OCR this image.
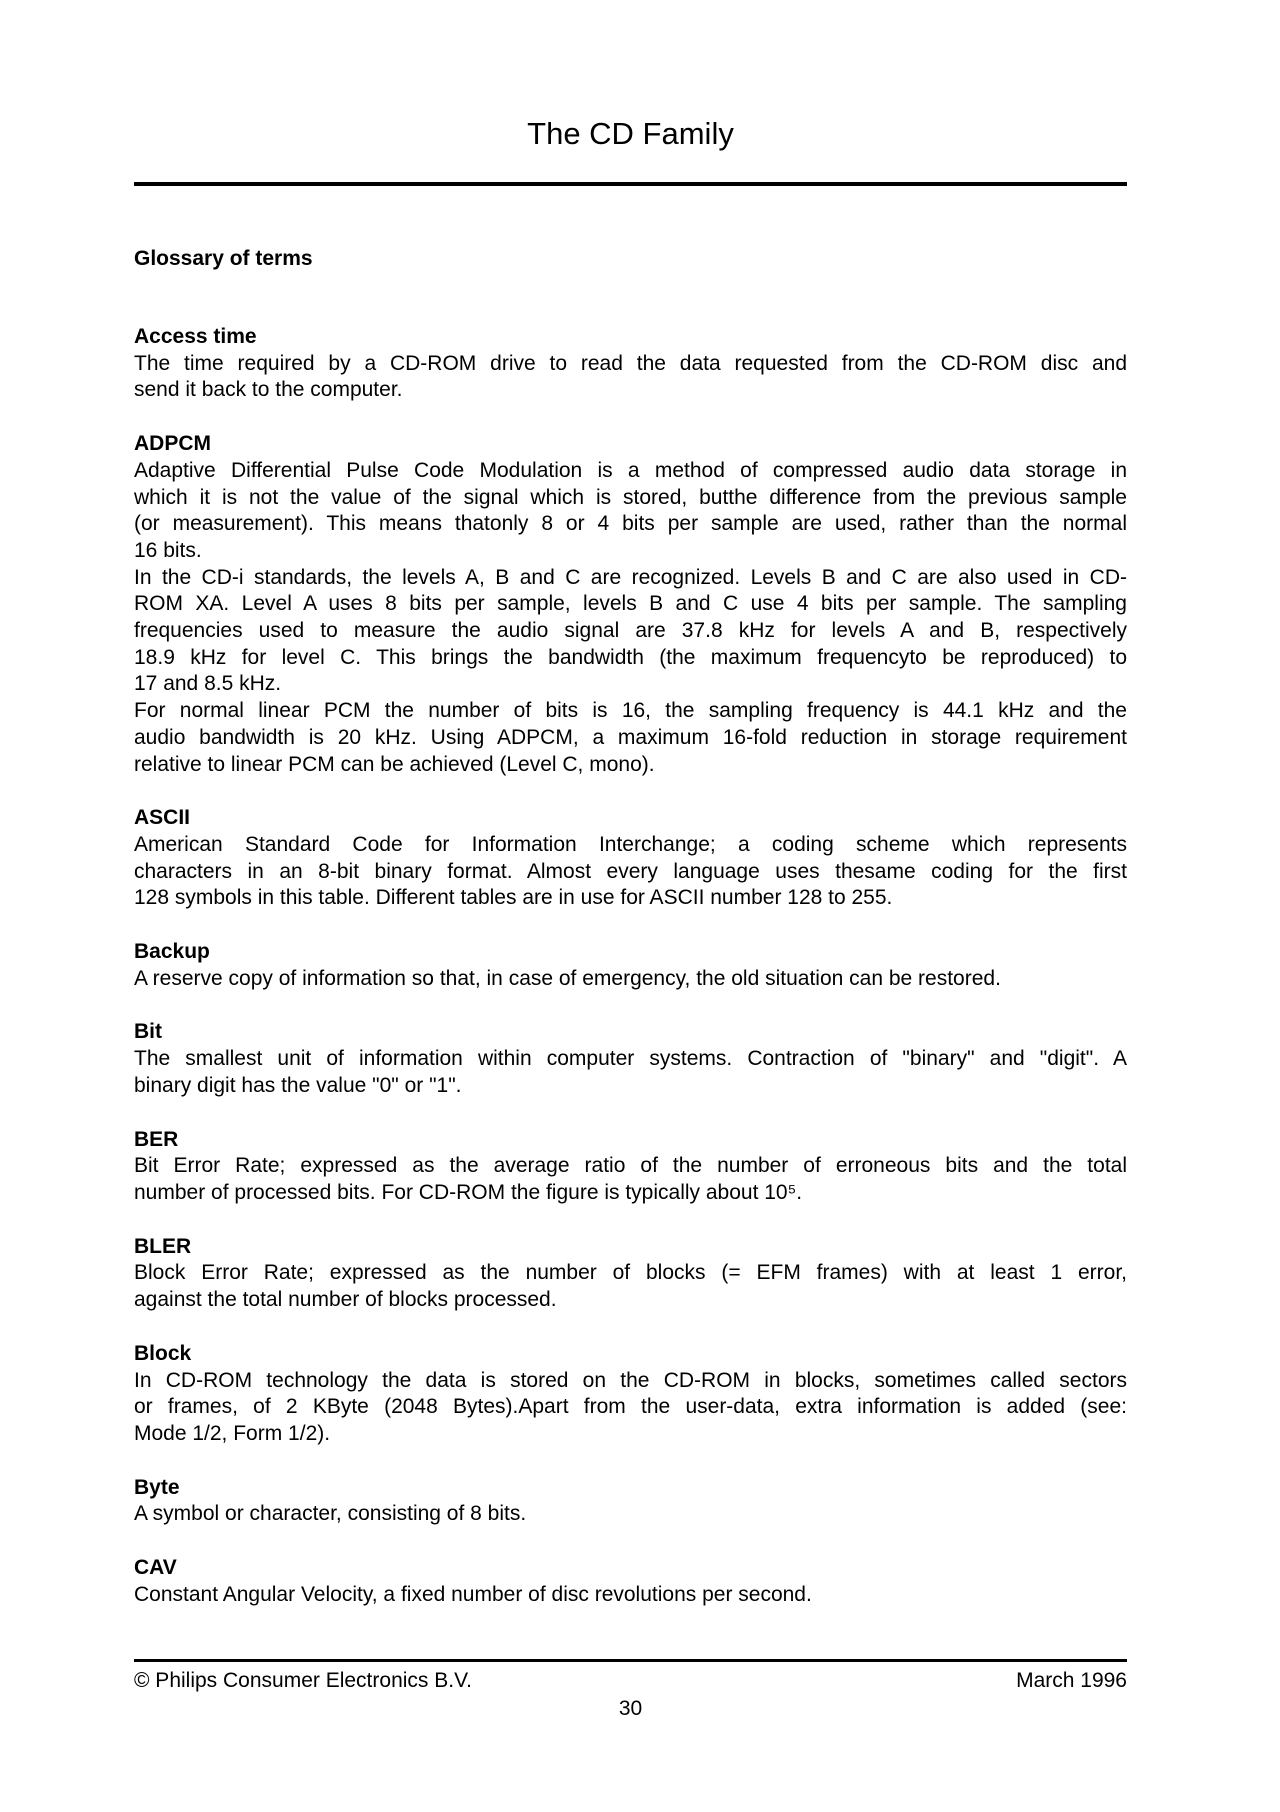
The CD Family
Glossary of terms
Access time
The time required by a CD-ROM drive to read the data requested from the CD-ROM disc and
send it back to the computer.
ADPCM
Adaptive Differential Pulse Code Modulation is a method of compressed audio data storage in
which it is not the value of the signal which is stored, butthe difference from the previous sample
(or measurement). This means thatonly 8 or 4 bits per sample are used, rather than the normal
16 bits.
In the CD-i standards, the levels A, B and C are recognized. Levels B and C are also used in CD-
ROM XA. Level A uses 8 bits per sample, levels B and C use 4 bits per sample. The sampling
frequencies used to measure the audio signal are 37.8 kHz for levels A and B, respectively
18.9 kHz for level C. This brings the bandwidth (the maximum frequencyto be reproduced) to
17 and 8.5 kHz.
For normal linear PCM the number of bits is 16, the sampling frequency is 44.1 kHz and the
audio bandwidth is 20 kHz. Using ADPCM, a maximum 16-fold reduction in storage requirement
relative to linear PCM can be achieved (Level C, mono).
ASCII
American Standard Code for Information Interchange; a coding scheme which represents
characters in an 8-bit binary format. Almost every language uses thesame coding for the first
128 symbols in this table. Different tables are in use for ASCII number 128 to 255.
Backup
A reserve copy of information so that, in case of emergency, the old situation can be restored.
Bit
The smallest unit of information within computer systems. Contraction of "binary" and "digit". A
binary digit has the value "0" or "1".
BER
Bit Error Rate; expressed as the average ratio of the number of erroneous bits and the total
number of processed bits. For CD-ROM the figure is typically about 10⁵.
BLER
Block Error Rate; expressed as the number of blocks (= EFM frames) with at least 1 error,
against the total number of blocks processed.
Block
In CD-ROM technology the data is stored on the CD-ROM in blocks, sometimes called sectors
or frames, of 2 KByte (2048 Bytes).Apart from the user-data, extra information is added (see:
Mode 1/2, Form 1/2).
Byte
A symbol or character, consisting of 8 bits.
CAV
Constant Angular Velocity, a fixed number of disc revolutions per second.
© Philips Consumer Electronics B.V.	March 1996
30
